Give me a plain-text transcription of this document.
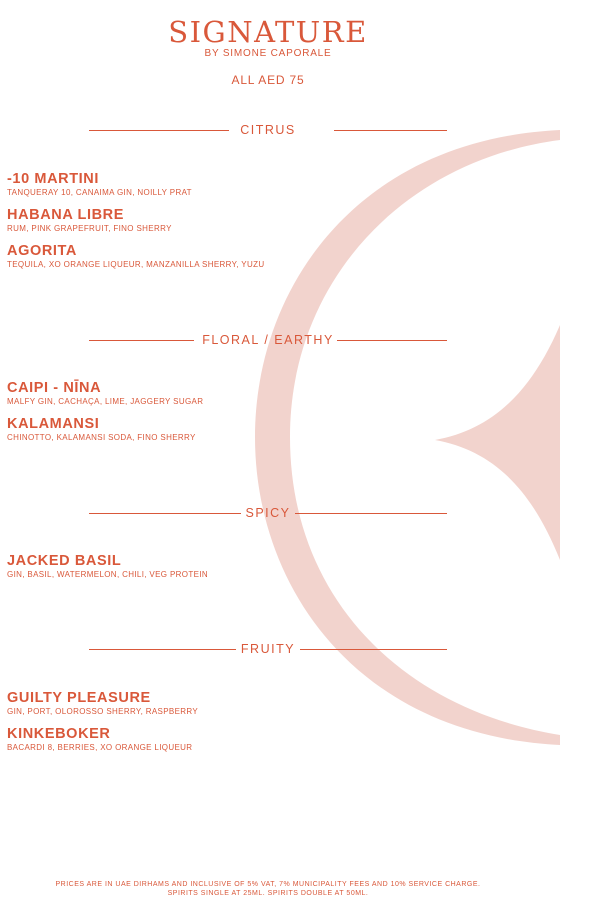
SIGNATURE
BY SIMONE CAPORALE
ALL AED 75
CITRUS
-10 MARTINI
TANQUERAY 10, CANAIMA GIN, NOILLY PRAT
HABANA LIBRE
RUM, PINK GRAPEFRUIT, FINO SHERRY
AGORITA
TEQUILA, XO ORANGE LIQUEUR, MANZANILLA SHERRY, YUZU
FLORAL / EARTHY
CAIPI - NĪNA
MALFY GIN, CACHAÇA, LIME, JAGGERY SUGAR
KALAMANSI
CHINOTTO, KALAMANSI SODA, FINO SHERRY
SPICY
JACKED BASIL
GIN, BASIL, WATERMELON, CHILI, VEG PROTEIN
FRUITY
GUILTY PLEASURE
GIN, PORT, OLOROSSO SHERRY, RASPBERRY
KINKEBOKER
BACARDI 8, BERRIES, XO ORANGE LIQUEUR
PRICES ARE IN UAE DIRHAMS AND INCLUSIVE OF 5% VAT, 7% MUNICIPALITY FEES AND 10% SERVICE CHARGE.
SPIRITS SINGLE AT 25ML. SPIRITS DOUBLE AT 50ML.
